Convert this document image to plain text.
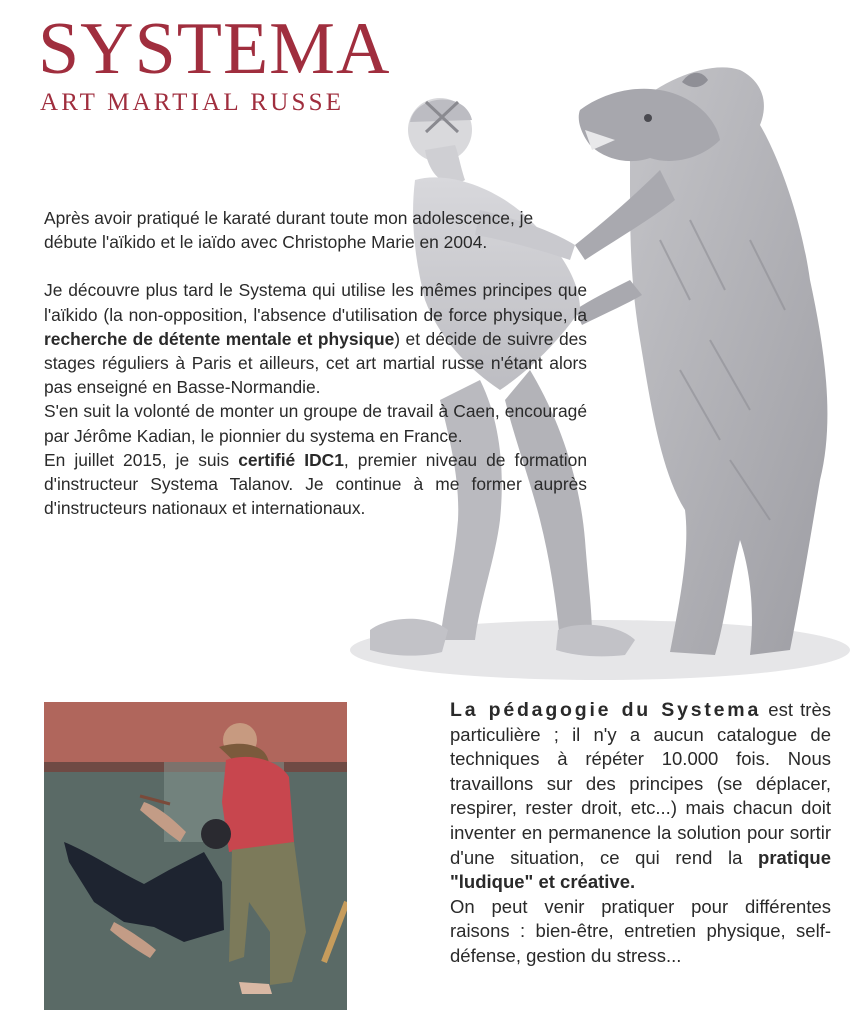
SYSTEMA
ART MARTIAL RUSSE

Après avoir pratiqué le karaté durant toute mon adolescence, je débute l'aïkido et le iaïdo avec Christophe Marie en 2004.

Je découvre plus tard le Systema qui utilise les mêmes principes que l'aïkido (la non-opposition, l'absence d'utilisation de force physique, la recherche de détente mentale et physique) et décide de suivre des stages réguliers à Paris et ailleurs, cet art martial russe n'étant alors pas enseigné en Basse-Normandie.

S'en suit la volonté de monter un groupe de travail à Caen, encouragé par Jérôme Kadian, le pionnier du systema en France.

En juillet 2015, je suis certifié IDC1, premier niveau de formation d'instructeur Systema Talanov. Je continue à me former auprès d'instructeurs nationaux et internationaux.

La pédagogie du Systema est très particulière ; il n'y a aucun catalogue de techniques à répéter 10.000 fois. Nous travaillons sur des principes (se déplacer, respirer, rester droit, etc...) mais chacun doit inventer en permanence la solution pour sortir d'une situation, ce qui rend la pratique "ludique" et créative.

On peut venir pratiquer pour différentes raisons : bien-être, entretien physique, self-défense, gestion du stress...
